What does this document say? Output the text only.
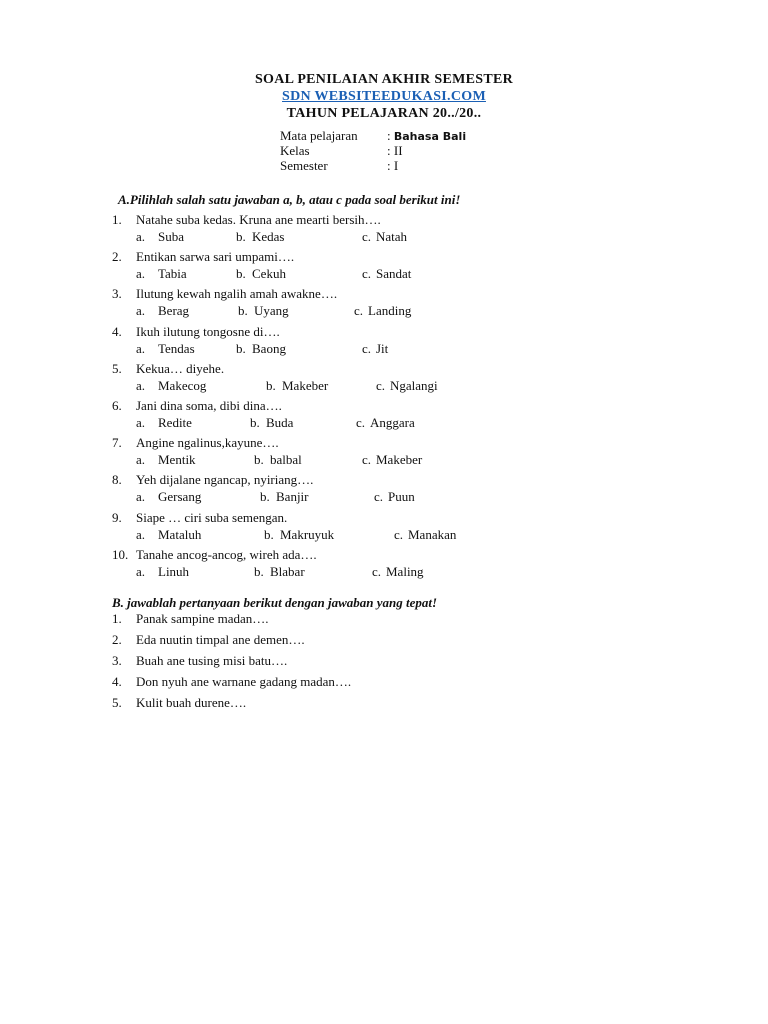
SOAL PENILAIAN AKHIR SEMESTER
SDN WEBSITEEDUKASI.COM
TAHUN PELAJARAN 20../20..
Mata pelajaran : Bahasa Bali
Kelas	: II
Semester	: I
A.Pilihlah salah satu jawaban a, b, atau c pada soal berikut ini!
1. Natahe suba kedas. Kruna ane mearti bersih….
a. Suba	b. Kedas	c. Natah
2. Entikan sarwa sari umpami….
a. Tabia	b. Cekuh	c. Sandat
3. Ilutung kewah ngalih amah awakne….
a. Berag	b. Uyang	c. Landing
4. Ikuh ilutung tongosne di….
a. Tendas	b. Baong	c. Jit
5. Kekua… diyehe.
a. Makecog	b. Makeber	c. Ngalangi
6. Jani dina soma, dibi dina….
a. Redite	b. Buda	c. Anggara
7. Angine ngalinus,kayune….
a. Mentik	b. balbal	c. Makeber
8. Yeh dijalane ngancap, nyiriang….
a. Gersang	b. Banjir	c. Puun
9. Siape … ciri suba semengan.
a. Mataluh	b. Makruyuk	c. Manakan
10. Tanahe ancog-ancog, wireh ada….
a. Linuh	b. Blabar	c. Maling
B. jawablah pertanyaan berikut dengan jawaban yang tepat!
1. Panak sampine madan….
2. Eda nuutin timpal ane demen….
3. Buah ane tusing misi batu….
4. Don nyuh ane warnane gadang madan….
5. Kulit buah durene….
